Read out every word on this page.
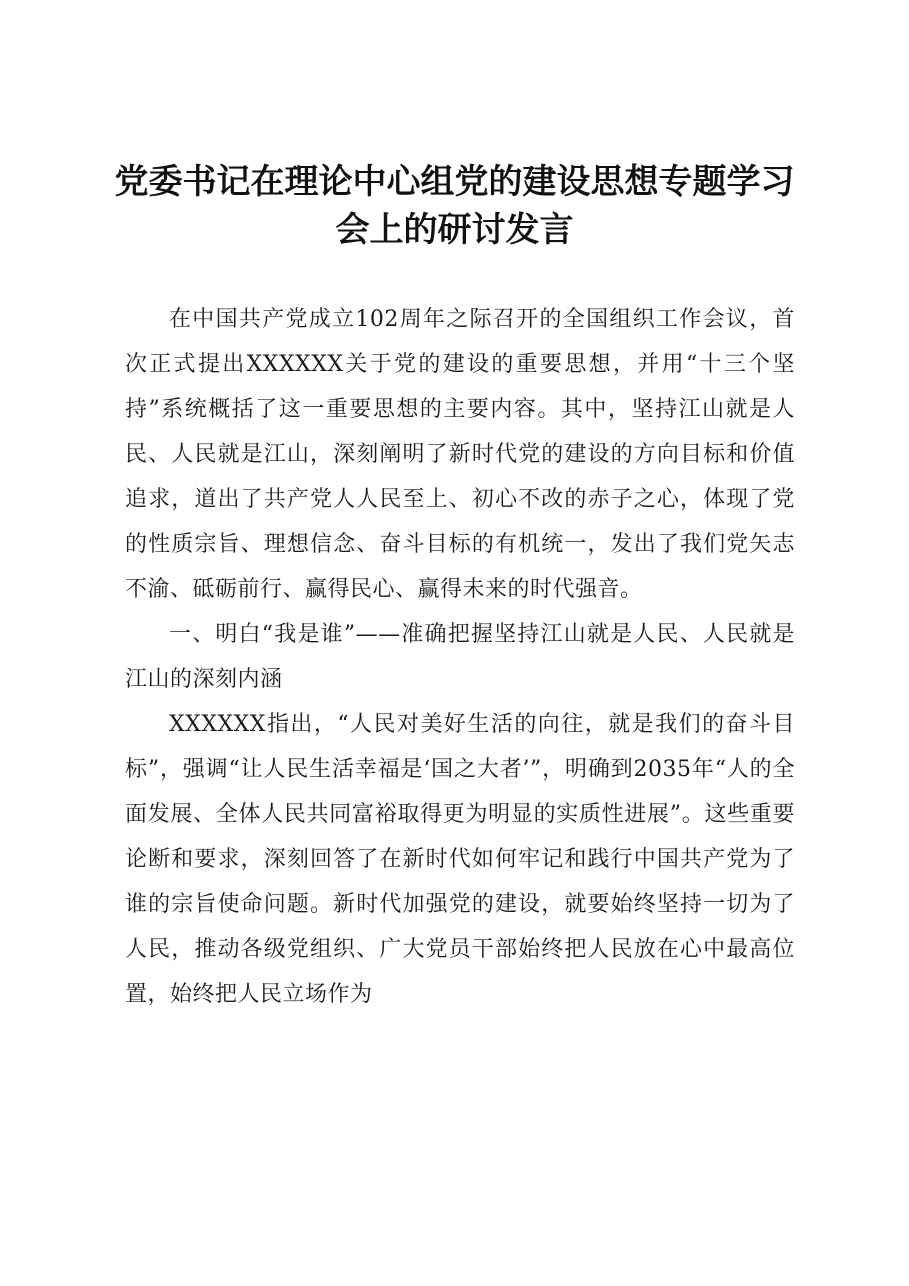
党委书记在理论中心组党的建设思想专题学习会上的研讨发言

在中国共产党成立102周年之际召开的全国组织工作会议，首次正式提出XXXXXX关于党的建设的重要思想，并用“十三个坚持”系统概括了这一重要思想的主要内容。其中，坚持江山就是人民、人民就是江山，深刻阐明了新时代党的建设的方向目标和价值追求，道出了共产党人人民至上、初心不改的赤子之心，体现了党的性质宗旨、理想信念、奋斗目标的有机统一，发出了我们党矢志不渝、砥砺前行、赢得民心、赢得未来的时代强音。

一、明白“我是谁”——准确把握坚持江山就是人民、人民就是江山的深刻内涵

XXXXXX指出，“人民对美好生活的向往，就是我们的奋斗目标”，强调“让人民生活幸福是‘国之大者’”，明确到2035年“人的全面发展、全体人民共同富裕取得更为明显的实质性进展”。这些重要论断和要求，深刻回答了在新时代如何牢记和践行中国共产党为了谁的宗旨使命问题。新时代加强党的建设，就要始终坚持一切为了人民，推动各级党组织、广大党员干部始终把人民放在心中最高位置，始终把人民立场作为
